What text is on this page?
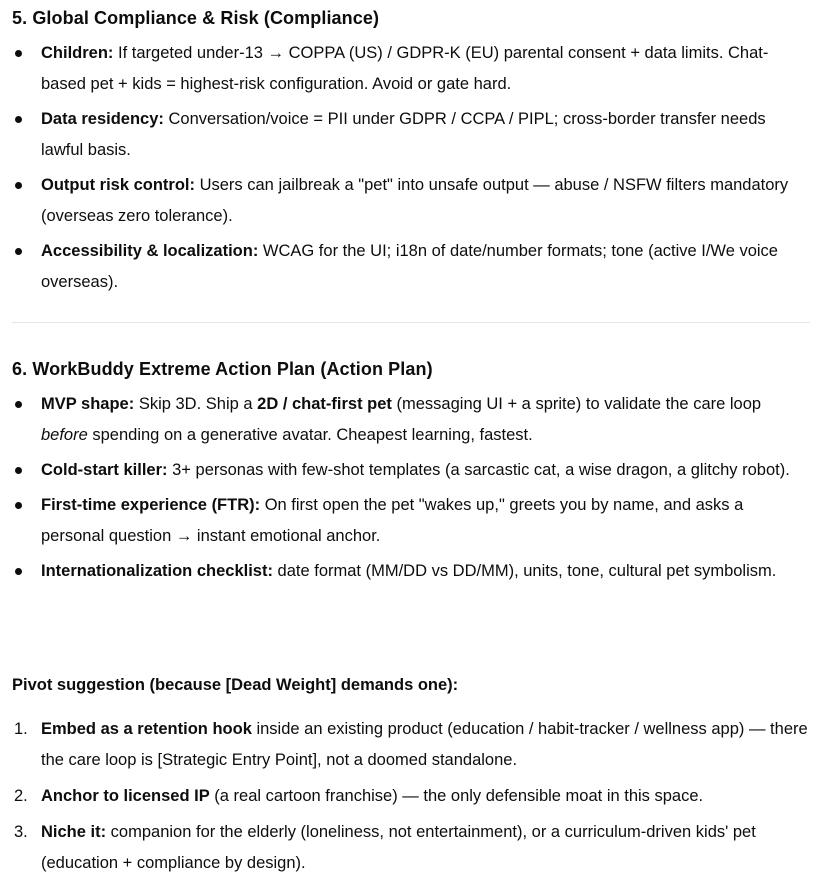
5. Global Compliance & Risk (Compliance)
Children: If targeted under-13 → COPPA (US) / GDPR-K (EU) parental consent + data limits. Chat-based pet + kids = highest-risk configuration. Avoid or gate hard.
Data residency: Conversation/voice = PII under GDPR / CCPA / PIPL; cross-border transfer needs lawful basis.
Output risk control: Users can jailbreak a "pet" into unsafe output — abuse / NSFW filters mandatory (overseas zero tolerance).
Accessibility & localization: WCAG for the UI; i18n of date/number formats; tone (active I/We voice overseas).
6. WorkBuddy Extreme Action Plan (Action Plan)
MVP shape: Skip 3D. Ship a 2D / chat-first pet (messaging UI + a sprite) to validate the care loop before spending on a generative avatar. Cheapest learning, fastest.
Cold-start killer: 3+ personas with few-shot templates (a sarcastic cat, a wise dragon, a glitchy robot).
First-time experience (FTR): On first open the pet "wakes up," greets you by name, and asks a personal question → instant emotional anchor.
Internationalization checklist: date format (MM/DD vs DD/MM), units, tone, cultural pet symbolism.
Pivot suggestion (because [Dead Weight] demands one):
1. Embed as a retention hook inside an existing product (education / habit-tracker / wellness app) — there the care loop is [Strategic Entry Point], not a doomed standalone.
2. Anchor to licensed IP (a real cartoon franchise) — the only defensible moat in this space.
3. Niche it: companion for the elderly (loneliness, not entertainment), or a curriculum-driven kids' pet (education + compliance by design).
